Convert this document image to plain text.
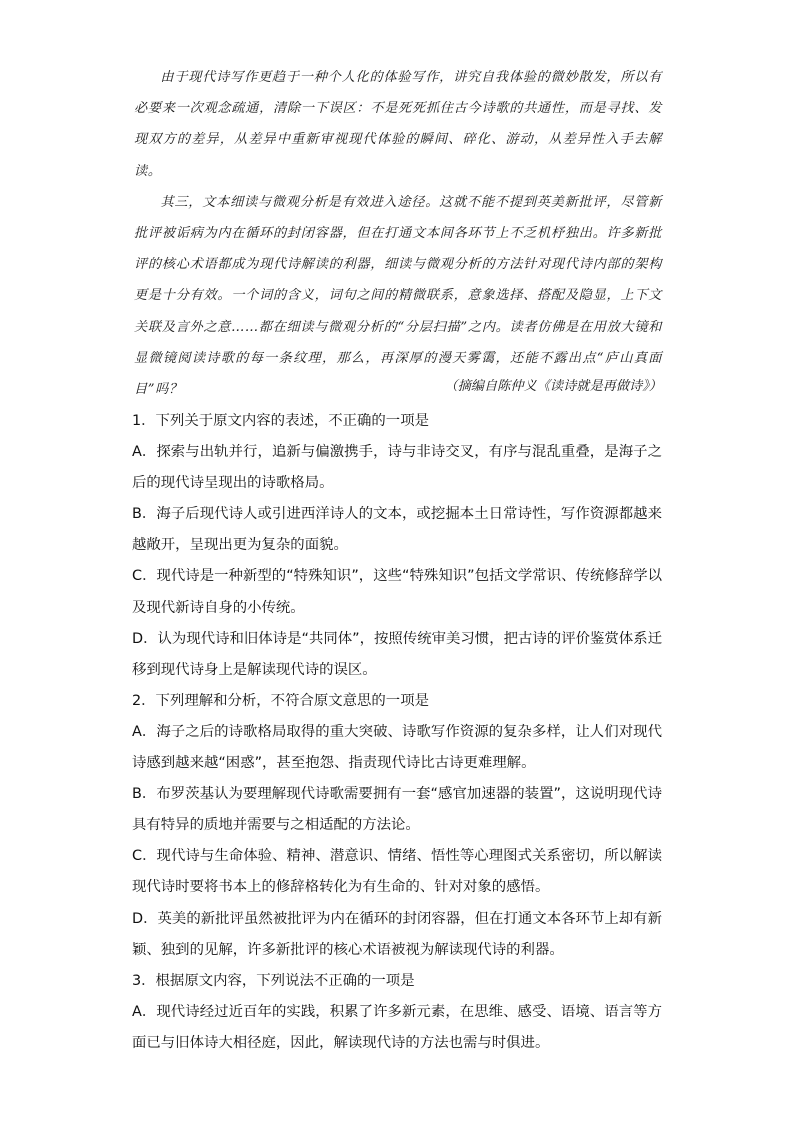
由于现代诗写作更趋于一种个人化的体验写作，讲究自我体验的微妙散发，所以有必要来一次观念疏通，清除一下误区：不是死死抓住古今诗歌的共通性，而是寻找、发现双方的差异，从差异中重新审视现代体验的瞬间、碎化、游动，从差异性入手去解读。

其三，文本细读与微观分析是有效进入途径。这就不能不提到英美新批评，尽管新批评被诟病为内在循环的封闭容器，但在打通文本间各环节上不乏机杼独出。许多新批评的核心术语都成为现代诗解读的利器，细读与微观分析的方法针对现代诗内部的架构更是十分有效。一个词的含义，词句之间的精微联系，意象选择、搭配及隐显，上下文关联及言外之意……都在细读与微观分析的“分层扫描”之内。读者仿佛是在用放大镜和显微镜阅读诗歌的每一条纹理，那么，再深厚的漫天雾霭，还能不露出点“庐山真面目”吗？	（摘编自陈仲义《读诗就是再做诗》）
1．下列关于原文内容的表述，不正确的一项是
A．探索与出轨并行，追新与偏激携手，诗与非诗交叉，有序与混乱重叠，是海子之后的现代诗呈现出的诗歌格局。
B．海子后现代诗人或引进西洋诗人的文本，或挖掘本土日常诗性，写作资源都越来越敞开，呈现出更为复杂的面貌。
C．现代诗是一种新型的“特殊知识”，这些“特殊知识”包括文学常识、传统修辞学以及现代新诗自身的小传统。
D．认为现代诗和旧体诗是“共同体”，按照传统审美习惯，把古诗的评价鉴赏体系迁移到现代诗身上是解读现代诗的误区。
2．下列理解和分析，不符合原文意思的一项是
A．海子之后的诗歌格局取得的重大突破、诗歌写作资源的复杂多样，让人们对现代诗感到越来越“困惑”，甚至抱怨、指责现代诗比古诗更难理解。
B．布罗茨基认为要理解现代诗歌需要拥有一套“感官加速器的装置”，这说明现代诗具有特异的质地并需要与之相适配的方法论。
C．现代诗与生命体验、精神、潜意识、情绪、悟性等心理图式关系密切，所以解读现代诗时要将书本上的修辞格转化为有生命的、针对对象的感悟。
D．英美的新批评虽然被批评为内在循环的封闭容器，但在打通文本各环节上却有新颖、独到的见解，许多新批评的核心术语被视为解读现代诗的利器。
3．根据原文内容，下列说法不正确的一项是
A．现代诗经过近百年的实践，积累了许多新元素，在思维、感受、语境、语言等方面已与旧体诗大相径庭，因此，解读现代诗的方法也需与时俱进。
